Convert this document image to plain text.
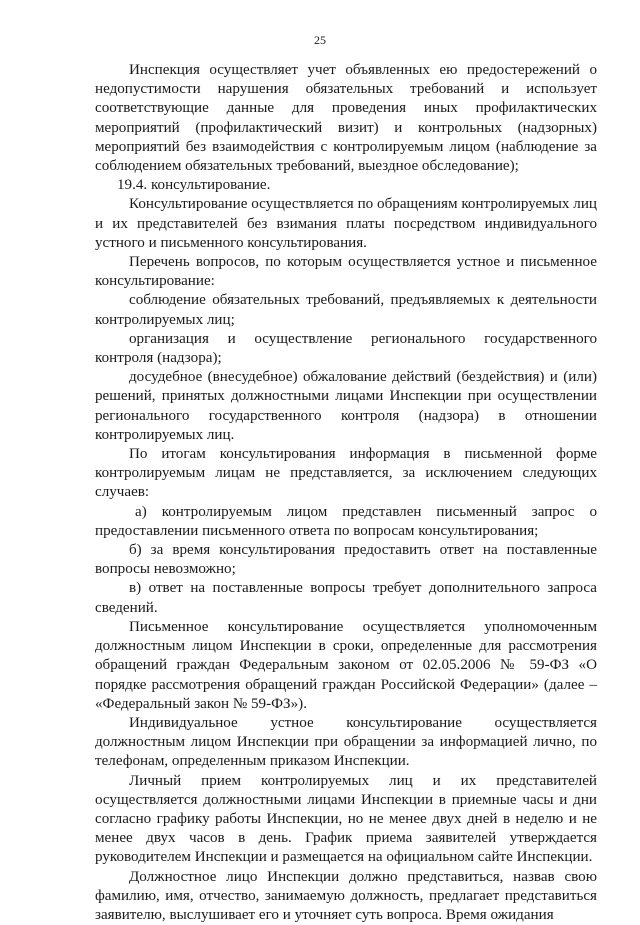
25

Инспекция осуществляет учет объявленных ею предостережений о недопустимости нарушения обязательных требований и использует соответствующие данные для проведения иных профилактических мероприятий (профилактический визит) и контрольных (надзорных) мероприятий без взаимодействия с контролируемым лицом (наблюдение за соблюдением обязательных требований, выездное обследование);

19.4. консультирование.

Консультирование осуществляется по обращениям контролируемых лиц и их представителей без взимания платы посредством индивидуального устного и письменного консультирования.

Перечень вопросов, по которым осуществляется устное и письменное консультирование:

соблюдение обязательных требований, предъявляемых к деятельности контролируемых лиц;

организация и осуществление регионального государственного контроля (надзора);

досудебное (внесудебное) обжалование действий (бездействия) и (или) решений, принятых должностными лицами Инспекции при осуществлении регионального государственного контроля (надзора) в отношении контролируемых лиц.

По итогам консультирования информация в письменной форме контролируемым лицам не представляется, за исключением следующих случаев:

а) контролируемым лицом представлен письменный запрос о предоставлении письменного ответа по вопросам консультирования;

б) за время консультирования предоставить ответ на поставленные вопросы невозможно;

в) ответ на поставленные вопросы требует дополнительного запроса сведений.

Письменное консультирование осуществляется уполномоченным должностным лицом Инспекции в сроки, определенные для рассмотрения обращений граждан Федеральным законом от 02.05.2006 № 59-ФЗ «О порядке рассмотрения обращений граждан Российской Федерации» (далее – «Федеральный закон № 59-ФЗ»).

Индивидуальное устное консультирование осуществляется должностным лицом Инспекции при обращении за информацией лично, по телефонам, определенным приказом Инспекции.

Личный прием контролируемых лиц и их представителей осуществляется должностными лицами Инспекции в приемные часы и дни согласно графику работы Инспекции, но не менее двух дней в неделю и не менее двух часов в день. График приема заявителей утверждается руководителем Инспекции и размещается на официальном сайте Инспекции.

Должностное лицо Инспекции должно представиться, назвав свою фамилию, имя, отчество, занимаемую должность, предлагает представиться заявителю, выслушивает его и уточняет суть вопроса. Время ожидания
